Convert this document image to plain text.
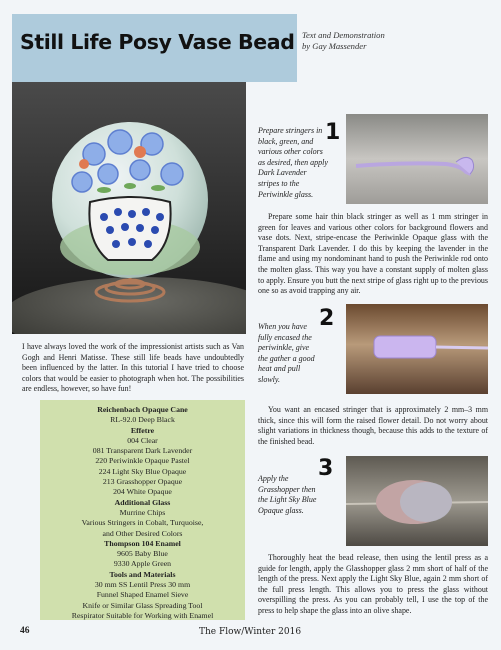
Still Life Posy Vase Bead Text and Demonstration
by Gay Massender
Prepare stringers in black, green, and various other colors as desired, then apply Dark Lavender stripes to the Periwinkle glass.
1
Prepare some hair thin black stringer as well as 1 mm stringer in green for leaves and various other colors for background flowers and vase dots. Next, stripe-encase the Periwinkle Opaque glass with the Transparent Dark Lavender. I do this by keeping the lavender in the flame and using my nondominant hand to push the Periwinkle rod onto the molten glass. This way you have a constant supply of molten glass to apply. Ensure you butt the next stripe of glass right up to the previous one so as avoid trapping any air.
I have always loved the work of the impressionist artists such as Van Gogh and Henri Matisse. These still life beads have undoubtedly been influenced by the latter. In this tutorial I have tried to choose colors that would be easier to photograph when hot. The possibilities are endless, however, so have fun!
When you have fully encased the periwinkle, give the gather a good heat and pull slowly.
2
You want an encased stringer that is approximately 2 mm–3 mm thick, since this will form the raised flower detail. Do not worry about slight variations in thickness though, because this adds to the texture of the finished bead.
Reichenbach Opaque Cane
RL-92.0 Deep Black
Effetre
004 Clear
081 Transparent Dark Lavender
220 Periwinkle Opaque Pastel
224 Light Sky Blue Opaque
213 Grasshopper Opaque
204 White Opaque
Additional Glass
Murrine Chips
Various Stringers in Cobalt, Turquoise,
and Other Desired Colors
Thompson 104 Enamel
9605 Baby Blue
9330 Apple Green
Tools and Materials
30 mm SS Lentil Press 30 mm
Funnel Shaped Enamel Sieve
Knife or Similar Glass Spreading Tool
Respirator Suitable for Working with Enamel
Apply the Grasshopper then the Light Sky Blue Opaque glass.
3
Thoroughly heat the bead release, then using the lentil press as a guide for length, apply the Glasshopper glass 2 mm short of half of the length of the press. Next apply the Light Sky Blue, again 2 mm short of the full press length. This allows you to press the glass without overspilling the press. As you can probably tell, I use the top of the press to help shape the glass into an olive shape.
46	The Flow/Winter 2016
